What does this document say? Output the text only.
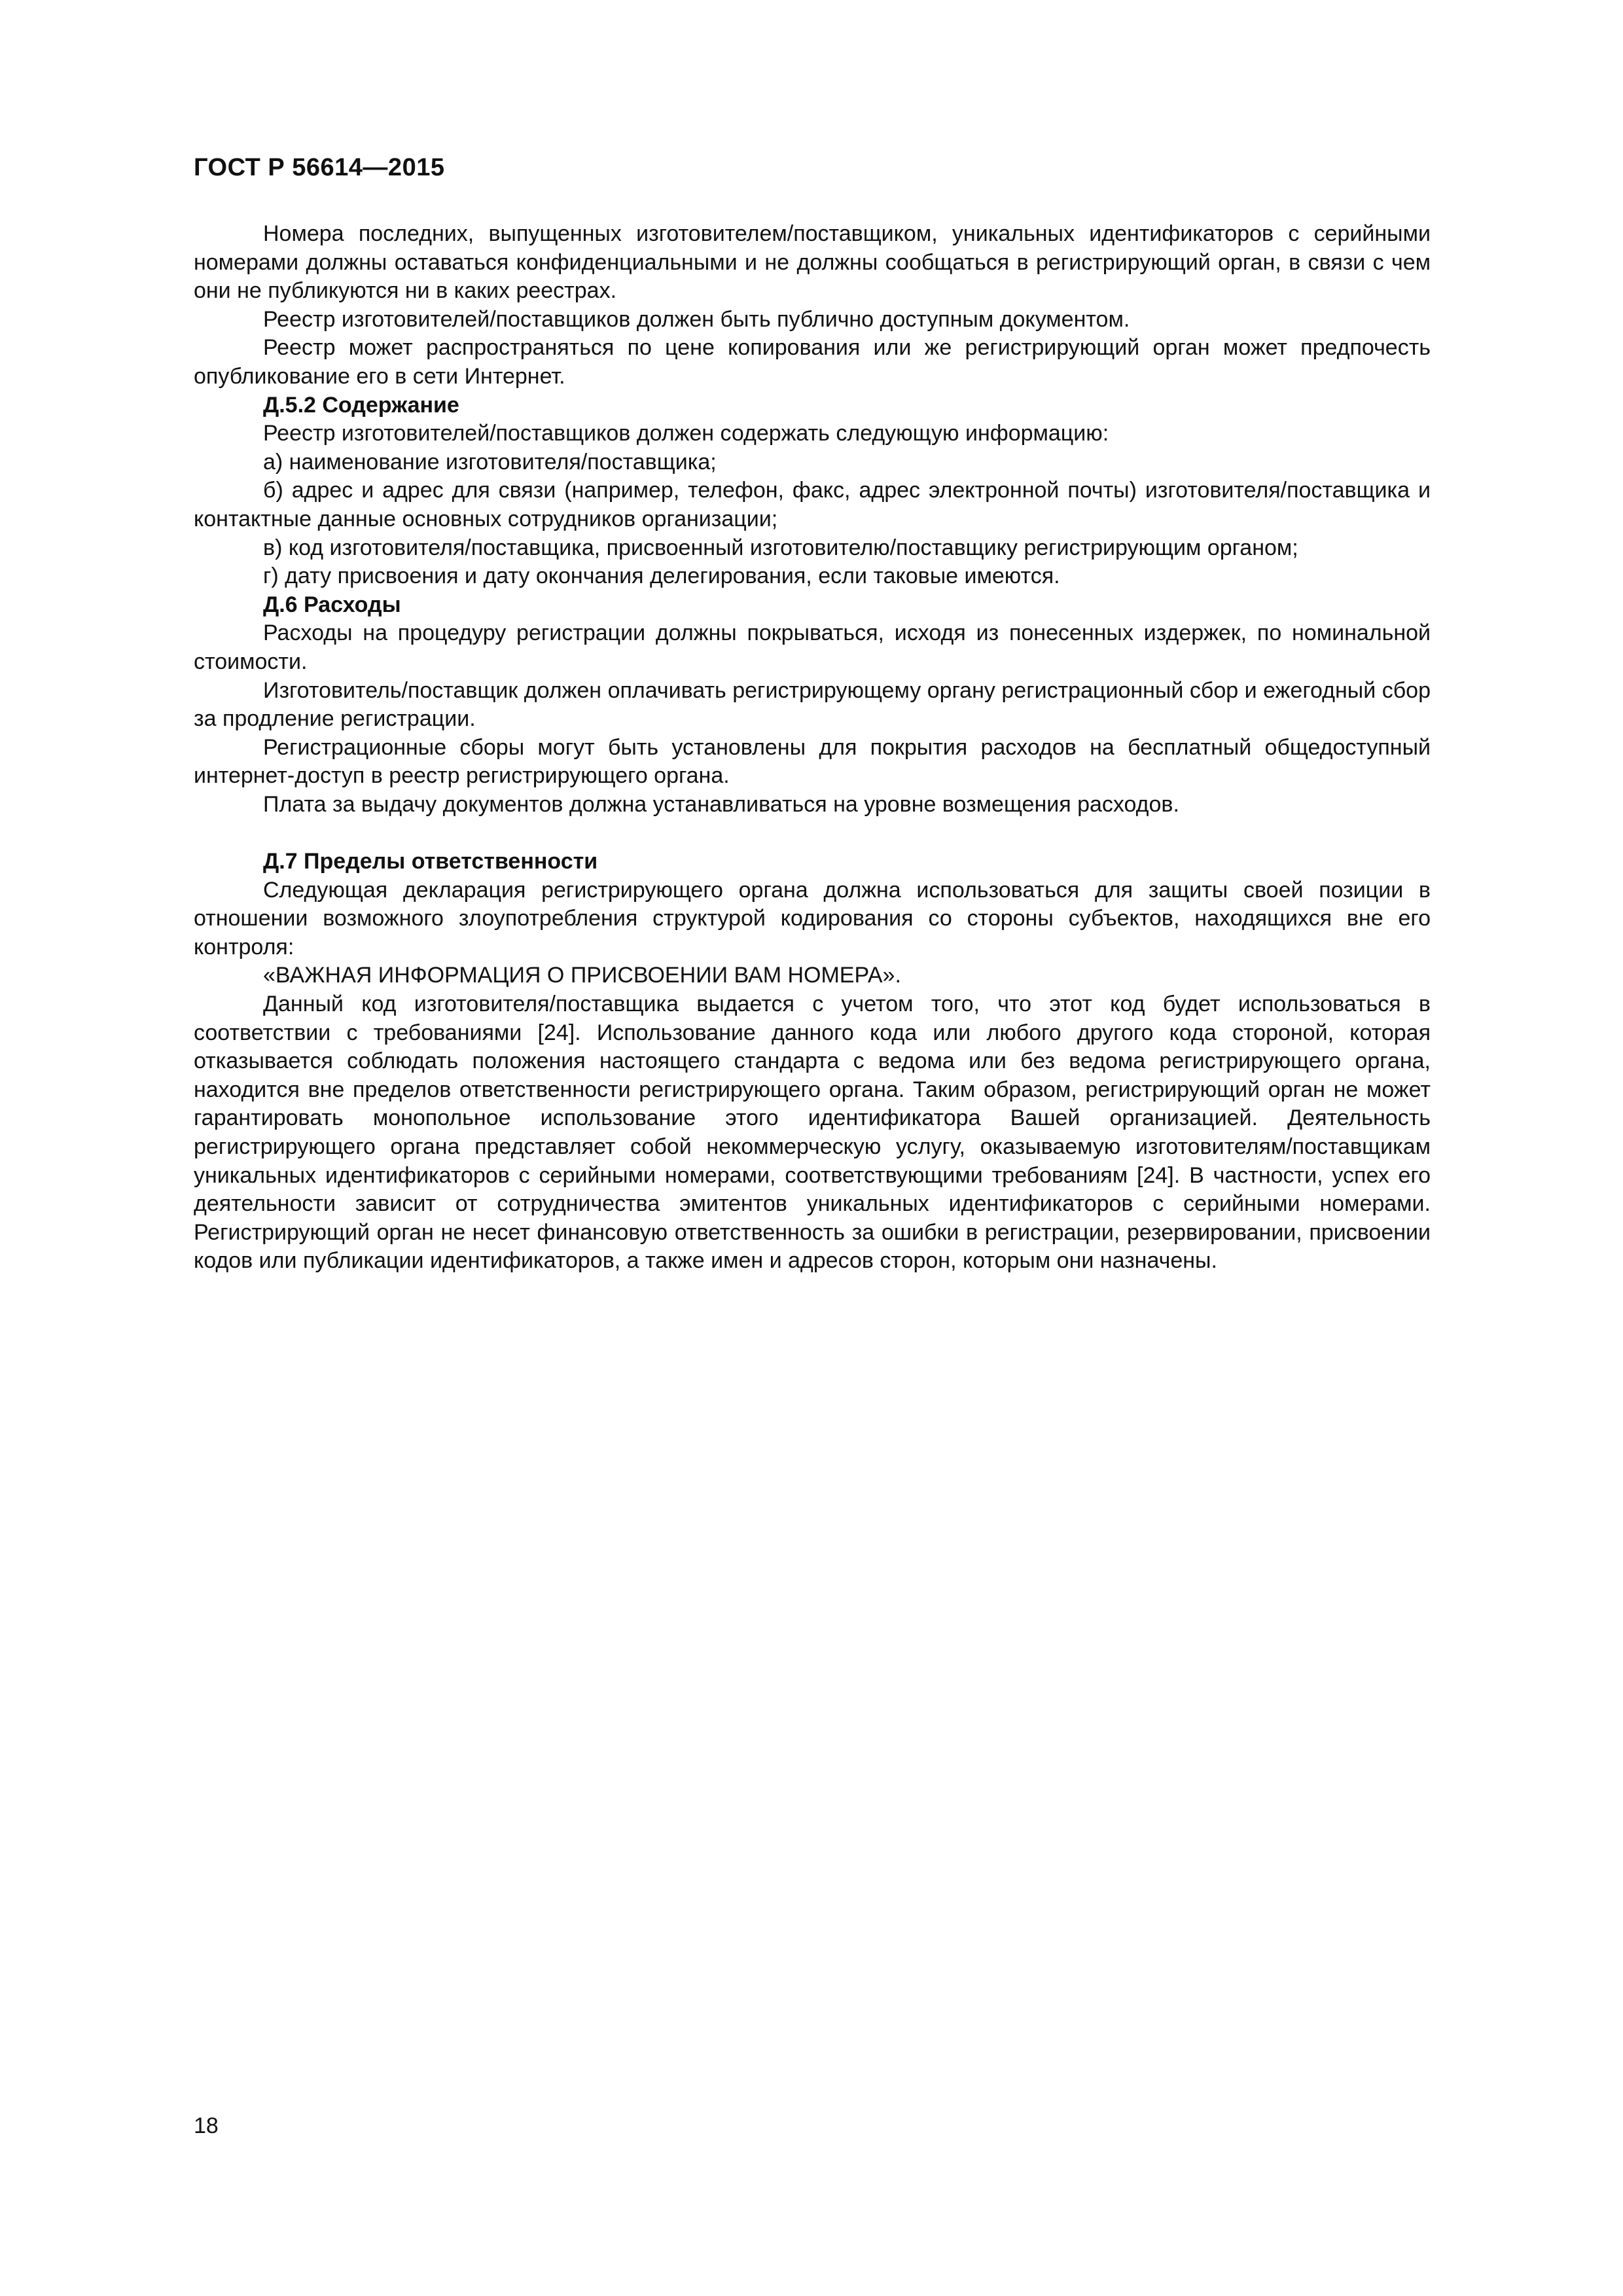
ГОСТ Р 56614—2015

Номера последних, выпущенных изготовителем/поставщиком, уникальных идентификаторов с серийными номерами должны оставаться конфиденциальными и не должны сообщаться в регистрирующий орган, в связи с чем они не публикуются ни в каких реестрах.

Реестр изготовителей/поставщиков должен быть публично доступным документом.

Реестр может распространяться по цене копирования или же регистрирующий орган может предпочесть опубликование его в сети Интернет.

Д.5.2 Содержание

Реестр изготовителей/поставщиков должен содержать следующую информацию:

а) наименование изготовителя/поставщика;

б) адрес и адрес для связи (например, телефон, факс, адрес электронной почты) изготовителя/поставщика и контактные данные основных сотрудников организации;

в) код изготовителя/поставщика, присвоенный изготовителю/поставщику регистрирующим органом;

г) дату присвоения и дату окончания делегирования, если таковые имеются.

Д.6 Расходы

Расходы на процедуру регистрации должны покрываться, исходя из понесенных издержек, по номинальной стоимости.

Изготовитель/поставщик должен оплачивать регистрирующему органу регистрационный сбор и ежегодный сбор за продление регистрации.

Регистрационные сборы могут быть установлены для покрытия расходов на бесплатный общедоступный интернет-доступ в реестр регистрирующего органа.

Плата за выдачу документов должна устанавливаться на уровне возмещения расходов.

Д.7 Пределы ответственности

Следующая декларация регистрирующего органа должна использоваться для защиты своей позиции в отношении возможного злоупотребления структурой кодирования со стороны субъектов, находящихся вне его контроля:

«ВАЖНАЯ ИНФОРМАЦИЯ О ПРИСВОЕНИИ ВАМ НОМЕРА».

Данный код изготовителя/поставщика выдается с учетом того, что этот код будет использоваться в соответствии с требованиями [24]. Использование данного кода или любого другого кода стороной, которая отказывается соблюдать положения настоящего стандарта с ведома или без ведома регистрирующего органа, находится вне пределов ответственности регистрирующего органа. Таким образом, регистрирующий орган не может гарантировать монопольное использование этого идентификатора Вашей организацией. Деятельность регистрирующего органа представляет собой некоммерческую услугу, оказываемую изготовителям/поставщикам уникальных идентификаторов с серийными номерами, соответствующими требованиям [24]. В частности, успех его деятельности зависит от сотрудничества эмитентов уникальных идентификаторов с серийными номерами. Регистрирующий орган не несет финансовую ответственность за ошибки в регистрации, резервировании, присвоении кодов или публикации идентификаторов, а также имен и адресов сторон, которым они назначены.

18
